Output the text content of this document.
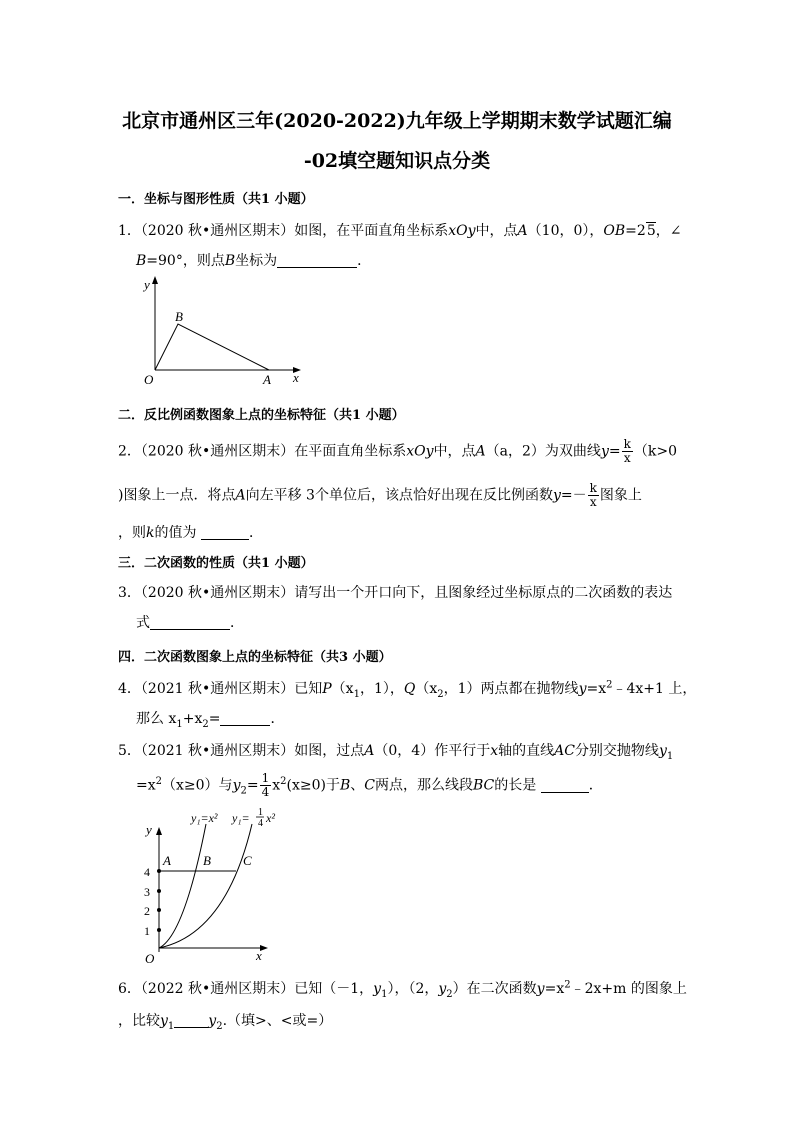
北京市通州区三年(2020-2022)九年级上学期期末数学试题汇编
-02填空题知识点分类
一．坐标与图形性质（共1 小题）
1．（2020 秋•通州区期末）如图，在平面直角坐标系xOy中，点A（10，0），OB=25，∠
B=90°，则点B坐标为	．
y
B
O	A x
二．反比例函数图象上点的坐标特征（共1 小题）
2．（2020 秋•通州区期末）在平面直角坐标系xOy中，点A（a，2）为双曲线$y= \frac{k}{x} (k>0$
)图象上一点．将点A向左平移 3个单位后，该点恰好出现在反比例函数$y=- \frac{k}{x}$ 图象上
，则k的值为	．
三．二次函数的性质（共1 小题）
3．（2020 秋•通州区期末）请写出一个开口向下，且图象经过坐标原点的二次函数的表达
式	．
四．二次函数图象上点的坐标特征（共3 小题）
4．（2021 秋•通州区期末）已知$P(x_1$，1），$Q(x_2$，1）两点都在抛物线$y=x^2﹣4x+1$ 上，
那么 $x_1+x_2=$	．
5．（2021 秋•通州区期末）如图，过点A（0，4）作平行于x轴的直线AC分别交抛物线$y_1$
$=x^2(x\ge 0)$与$y_2= \frac{1}{4} x^2(x\ge 0)$于B、C两点，那么线段BC的长是	．
y
y₁=x² y₁= 1
4 x²
A B C
4
3
2
1
O	x
6．（2022 秋•通州区期末）已知（－1，$y_1$），（2，$y_2$）在二次函数$y=x^2﹣2x+m$ 的图象上
，比较$y_1$ $y_2$.（填>、<或=）
